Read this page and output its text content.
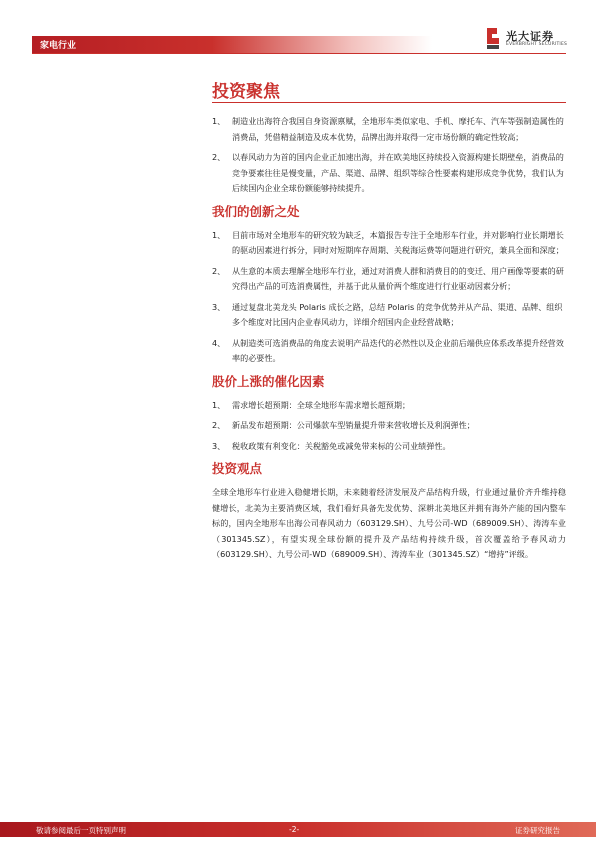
家电行业
光大证券
EVERBRIGHT SECURITIES
投资聚焦
1、 制造业出海符合我国自身资源禀赋，全地形车类似家电、手机、摩托车、汽车等强制造属性的消费品，凭借精益制造及成本优势，品牌出海并取得一定市场份额的确定性较高；
2、 以春风动力为首的国内企业正加速出海，并在欧美地区持续投入资源构建长期壁垒，消费品的竞争要素往往是慢变量，产品、渠道、品牌、组织等综合性要素构建形成竞争优势，我们认为后续国内企业全球份额能够持续提升。
我们的创新之处
1、 目前市场对全地形车的研究较为缺乏，本篇报告专注于全地形车行业，并对影响行业长期增长的驱动因素进行拆分，同时对短期库存周期、关税海运费等问题进行研究，兼具全面和深度；
2、 从生意的本质去理解全地形车行业，通过对消费人群和消费目的的变迁、用户画像等要素的研究得出产品的可选消费属性，并基于此从量价两个维度进行行业驱动因素分析；
3、 通过复盘北美龙头 Polaris 成长之路，总结 Polaris 的竞争优势并从产品、渠道、品牌、组织多个维度对比国内企业春风动力，详细介绍国内企业经营战略；
4、 从制造类可选消费品的角度去说明产品迭代的必然性以及企业前后端供应体系改革提升经营效率的必要性。
股价上涨的催化因素
1、 需求增长超预期：全球全地形车需求增长超预期；
2、 新品发布超预期：公司爆款车型销量提升带来营收增长及利润弹性；
3、 税收政策有利变化：关税豁免或减免带来标的公司业绩弹性。
投资观点
全球全地形车行业进入稳健增长期，未来随着经济发展及产品结构升级，行业通过量价齐升维持稳健增长，北美为主要消费区域，我们看好具备先发优势、深耕北美地区并拥有海外产能的国内整车标的，国内全地形车出海公司春风动力（603129.SH）、九号公司-WD（689009.SH）、涛涛车业（301345.SZ），有望实现全球份额的提升及产品结构持续升级，首次覆盖给予春风动力（603129.SH）、九号公司-WD（689009.SH）、涛涛车业（301345.SZ）“增持”评级。
敬请参阅最后一页特别声明	-2-	证券研究报告
